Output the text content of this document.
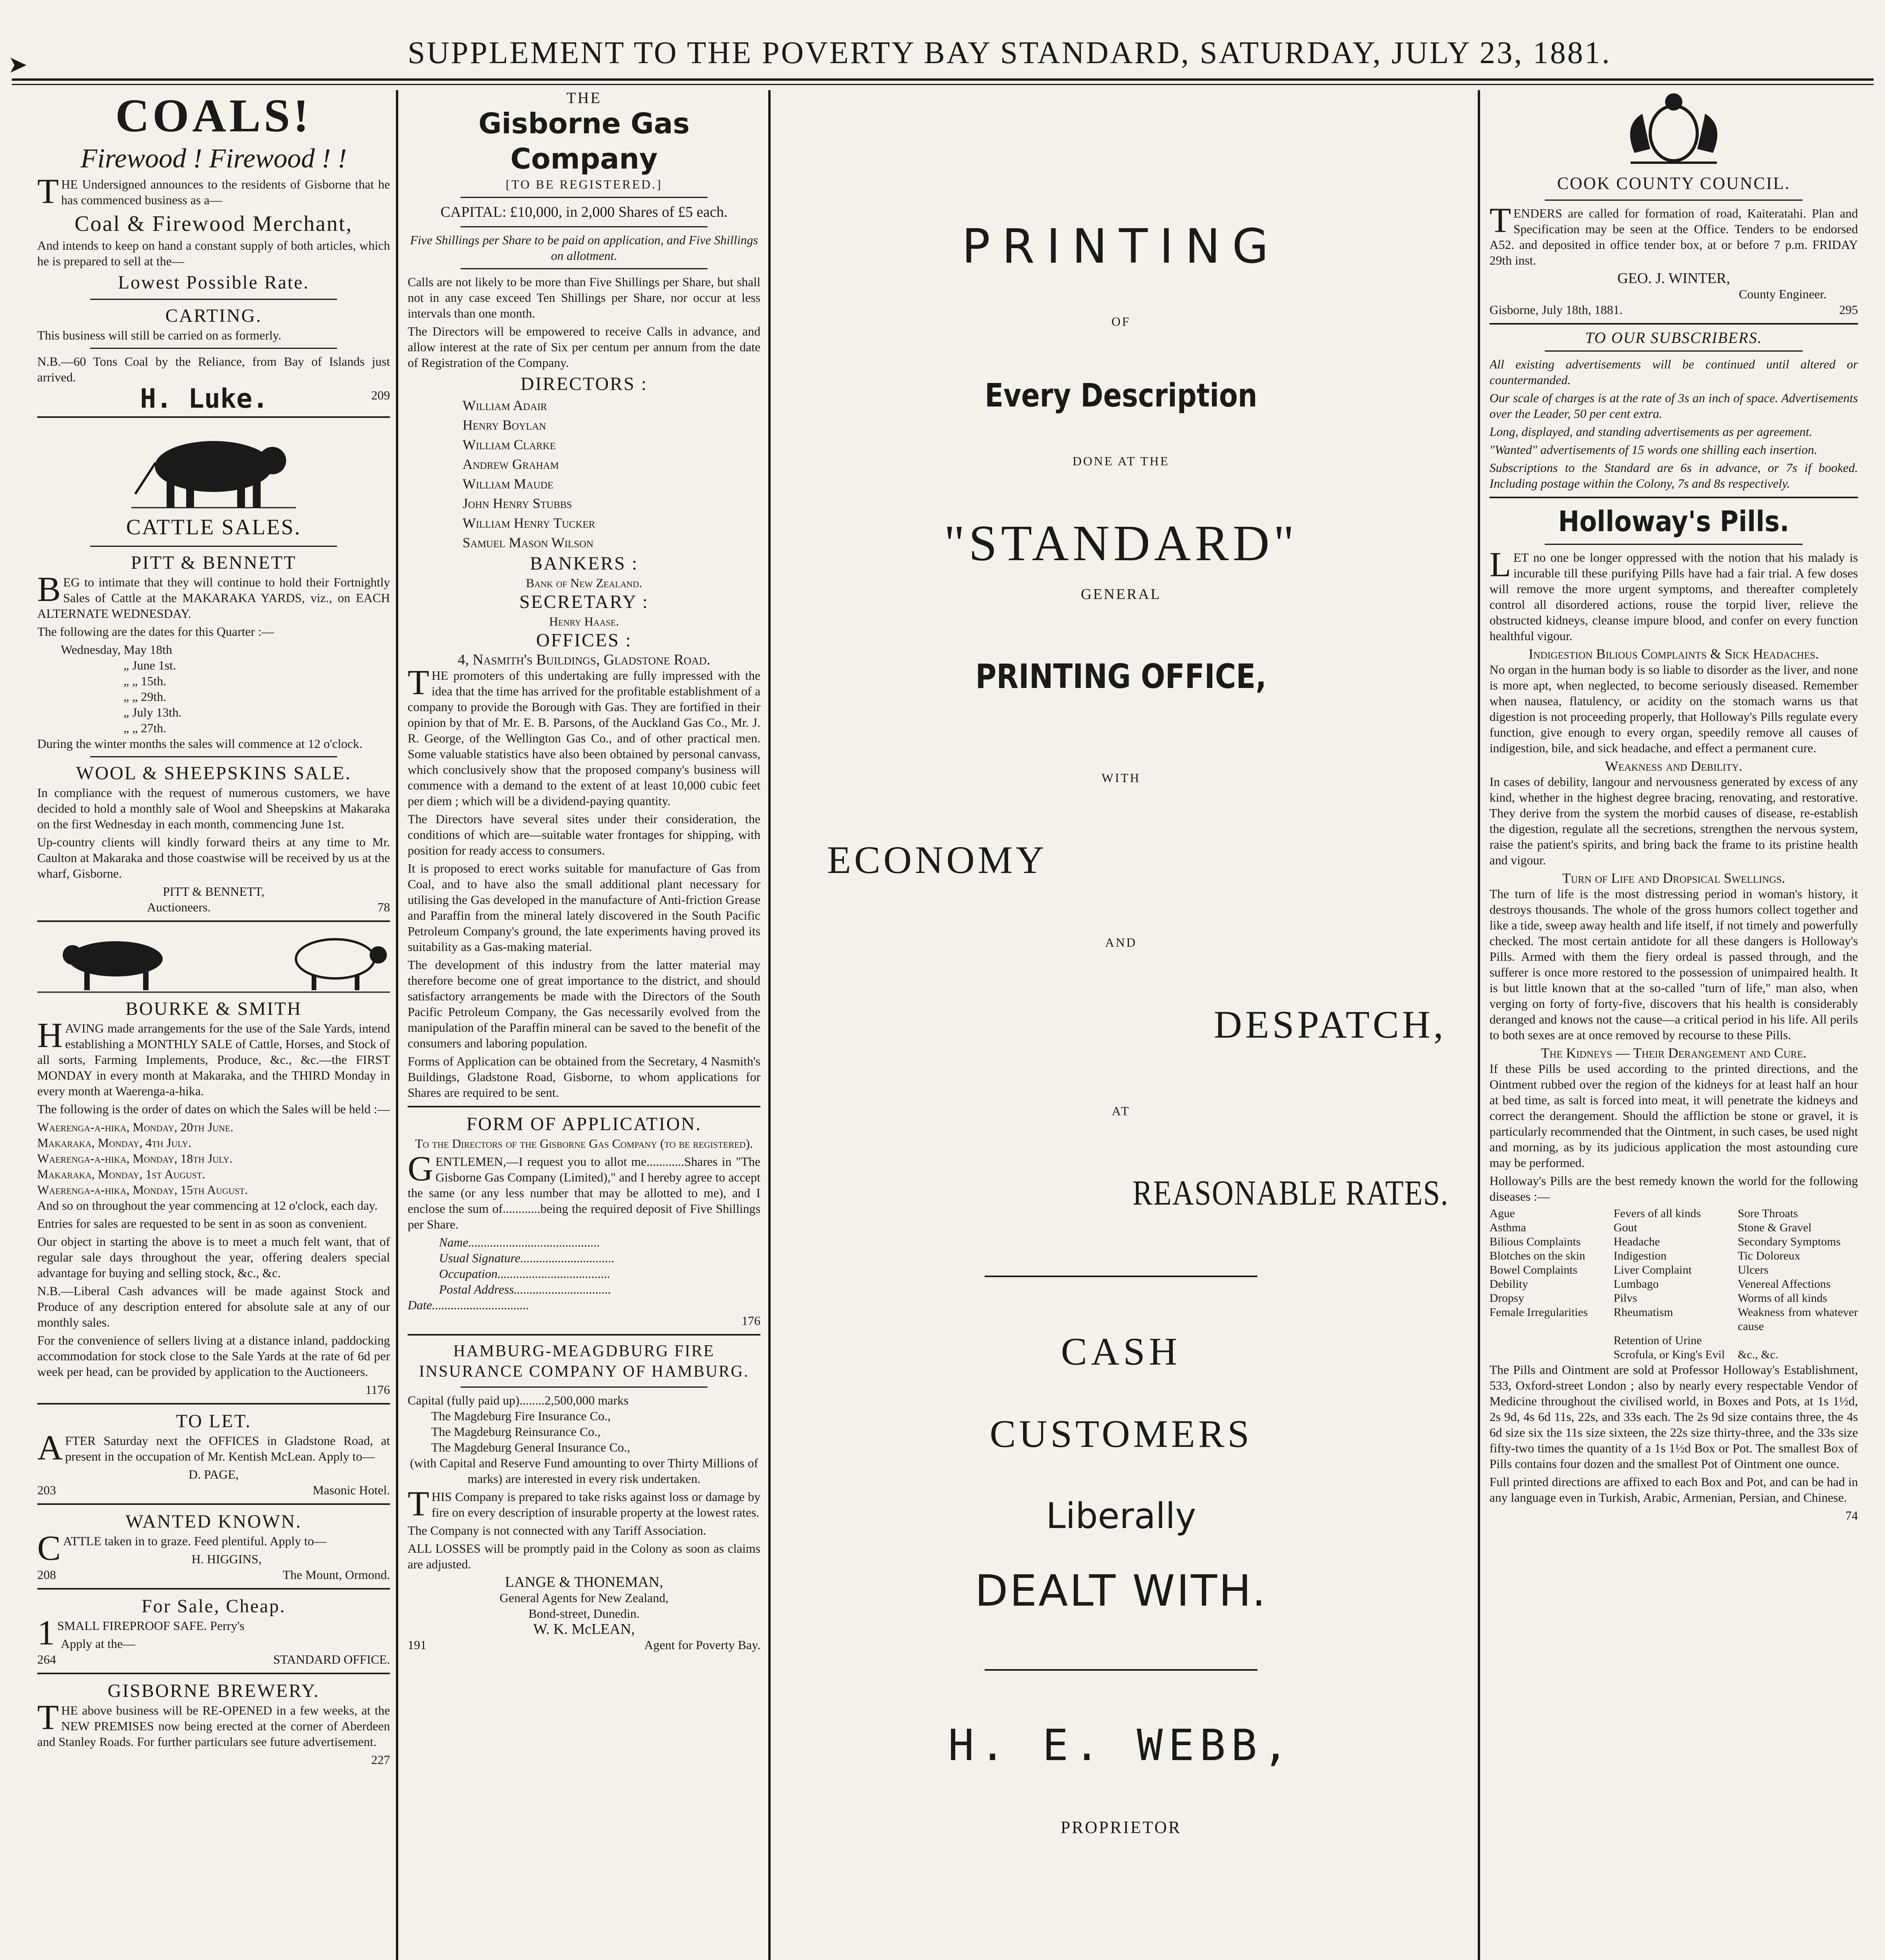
➤	SUPPLEMENT TO THE POVERTY BAY STANDARD, SATURDAY, JULY 23, 1881.
COALS!
Firewood ! Firewood ! !

THE Undersigned announces to the residents of Gisborne that he has commenced business as a—

Coal & Firewood Merchant,

And intends to keep on hand a constant supply of both articles, which he is prepared to sell at the—

Lowest Possible Rate.
CARTING.

This business will still be carried on as formerly.

N.B.—60 Tons Coal by the Reliance, from Bay of Islands just arrived.

H. Luke.	209
CATTLE SALES.
PITT & BENNETT

BEG to intimate that they will continue to hold their Fortnightly Sales of Cattle at the MAKARAKA YARDS, viz., on EACH ALTERNATE WEDNESDAY.

The following are the dates for this Quarter :—

Wednesday, May 18th
„ June 1st.
„ „ 15th.
„ „ 29th.
„ July 13th.
„ „ 27th.

During the winter months the sales will commence at 12 o'clock.

WOOL & SHEEPSKINS SALE.

In compliance with the request of numerous customers, we have decided to hold a monthly sale of Wool and Sheepskins at Makaraka on the first Wednesday in each month, commencing June 1st.

Up-country clients will kindly forward theirs at any time to Mr. Caulton at Makaraka and those coastwise will be received by us at the wharf, Gisborne.

PITT & BENNETT,
Auctioneers.	78
BOURKE & SMITH

HAVING made arrangements for the use of the Sale Yards, intend establishing a MONTHLY SALE of Cattle, Horses, and Stock of all sorts, Farming Implements, Produce, &c., &c.—the FIRST MONDAY in every month at Makaraka, and the THIRD Monday in every month at Waerenga-a-hika.

The following is the order of dates on which the Sales will be held :—

Waerenga-a-hika, Monday, 20th June.
Makaraka, Monday, 4th July.
Waerenga-a-hika, Monday, 18th July.
Makaraka, Monday, 1st August.
Waerenga-a-hika, Monday, 15th August.

And so on throughout the year commencing at 12 o'clock, each day.

Entries for sales are requested to be sent in as soon as convenient.

Our object in starting the above is to meet a much felt want, that of regular sale days throughout the year, offering dealers special advantage for buying and selling stock, &c., &c.

N.B.—Liberal Cash advances will be made against Stock and Produce of any description entered for absolute sale at any of our monthly sales.

For the convenience of sellers living at a distance inland, paddocking accommodation for stock close to the Sale Yards at the rate of 6d per week per head, can be provided by application to the Auctioneers.

1176
TO LET.

AFTER Saturday next the OFFICES in Gladstone Road, at present in the occupation of Mr. Kentish McLean. Apply to—

D. PAGE,
203	Masonic Hotel.
WANTED KNOWN.

CATTLE taken in to graze. Feed plentiful. Apply to—

H. HIGGINS,
208	The Mount, Ormond.
For Sale, Cheap.

1SMALL FIREPROOF SAFE. Perry's

Apply at the—
264	STANDARD OFFICE.
GISBORNE BREWERY.

THE above business will be RE-OPENED in a few weeks, at the NEW PREMISES now being erected at the corner of Aberdeen and Stanley Roads. For further particulars see future advertisement.

227
THE
Gisborne Gas Company
[TO BE REGISTERED.]

CAPITAL: £10,000, in 2,000 Shares of £5 each.

Five Shillings per Share to be paid on application, and Five Shillings on allotment.

Calls are not likely to be more than Five Shillings per Share, but shall not in any case exceed Ten Shillings per Share, nor occur at less intervals than one month.

The Directors will be empowered to receive Calls in advance, and allow interest at the rate of Six per centum per annum from the date of Registration of the Company.

DIRECTORS :
William Adair
Henry Boylan
William Clarke
Andrew Graham
William Maude
John Henry Stubbs
William Henry Tucker
Samuel Mason Wilson
BANKERS :
Bank of New Zealand.
SECRETARY :
Henry Haase.
OFFICES :
4, Nasmith's Buildings, Gladstone Road.

THE promoters of this undertaking are fully impressed with the idea that the time has arrived for the profitable establishment of a company to provide the Borough with Gas. They are fortified in their opinion by that of Mr. E. B. Parsons, of the Auckland Gas Co., Mr. J. R. George, of the Wellington Gas Co., and of other practical men. Some valuable statistics have also been obtained by personal canvass, which conclusively show that the proposed company's business will commence with a demand to the extent of at least 10,000 cubic feet per diem ; which will be a dividend-paying quantity.

The Directors have several sites under their consideration, the conditions of which are—suitable water frontages for shipping, with position for ready access to consumers.

It is proposed to erect works suitable for manufacture of Gas from Coal, and to have also the small additional plant necessary for utilising the Gas developed in the manufacture of Anti-friction Grease and Paraffin from the mineral lately discovered in the South Pacific Petroleum Company's ground, the late experiments having proved its suitability as a Gas-making material.

The development of this industry from the latter material may therefore become one of great importance to the district, and should satisfactory arrangements be made with the Directors of the South Pacific Petroleum Company, the Gas necessarily evolved from the manipulation of the Paraffin mineral can be saved to the benefit of the consumers and laboring population.

Forms of Application can be obtained from the Secretary, 4 Nasmith's Buildings, Gladstone Road, Gisborne, to whom applications for Shares are required to be sent.

FORM OF APPLICATION.

To the Directors of the Gisborne Gas Company (to be registered).

GENTLEMEN,—I request you to allot me............Shares in "The Gisborne Gas Company (Limited)," and I hereby agree to accept the same (or any less number that may be allotted to me), and I enclose the sum of............being the required deposit of Five Shillings per Share.

Name..........................................
Usual Signature..............................
Occupation....................................
Postal Address...............................
Date...............................
176
HAMBURG-MEAGDBURG FIRE INSURANCE COMPANY OF HAMBURG.
Capital (fully paid up)........2,500,000 marks
The Magdeburg Fire Insurance Co.,
The Magdeburg Reinsurance Co.,
The Magdeburg General Insurance Co.,

(with Capital and Reserve Fund amounting to over Thirty Millions of marks) are interested in every risk undertaken.

THIS Company is prepared to take risks against loss or damage by fire on every description of insurable property at the lowest rates.

The Company is not connected with any Tariff Association.

ALL LOSSES will be promptly paid in the Colony as soon as claims are adjusted.

LANGE & THONEMAN,
General Agents for New Zealand,
Bond-street, Dunedin.
W. K. McLEAN,
191	Agent for Poverty Bay.
PRINTING
OF
Every Description
DONE AT THE
"STANDARD"
GENERAL
PRINTING OFFICE,
WITH
ECONOMY
AND
DESPATCH,
AT
REASONABLE RATES.
CASH
CUSTOMERS
Liberally
DEALT WITH.
H. E. WEBB,
PROPRIETOR
COOK COUNTY COUNCIL.

TENDERS are called for formation of road, Kaiteratahi. Plan and Specification may be seen at the Office. Tenders to be endorsed A52. and deposited in office tender box, at or before 7 p.m. FRIDAY 29th inst.

GEO. J. WINTER,
County Engineer.
Gisborne, July 18th, 1881.	295
TO OUR SUBSCRIBERS.

All existing advertisements will be continued until altered or countermanded.

Our scale of charges is at the rate of 3s an inch of space. Advertisements over the Leader, 50 per cent extra.

Long, displayed, and standing advertisements as per agreement.

"Wanted" advertisements of 15 words one shilling each insertion.

Subscriptions to the Standard are 6s in advance, or 7s if booked. Including postage within the Colony, 7s and 8s respectively.

Holloway's Pills.

LET no one be longer oppressed with the notion that his malady is incurable till these purifying Pills have had a fair trial. A few doses will remove the more urgent symptoms, and thereafter completely control all disordered actions, rouse the torpid liver, relieve the obstructed kidneys, cleanse impure blood, and confer on every function healthful vigour.

Indigestion Bilious Complaints & Sick Headaches.

No organ in the human body is so liable to disorder as the liver, and none is more apt, when neglected, to become seriously diseased. Remember when nausea, flatulency, or acidity on the stomach warns us that digestion is not proceeding properly, that Holloway's Pills regulate every function, give enough to every organ, speedily remove all causes of indigestion, bile, and sick headache, and effect a permanent cure.

Weakness and Debility.

In cases of debility, langour and nervousness generated by excess of any kind, whether in the highest degree bracing, renovating, and restorative. They derive from the system the morbid causes of disease, re-establish the digestion, regulate all the secretions, strengthen the nervous system, raise the patient's spirits, and bring back the frame to its pristine health and vigour.

Turn of Life and Dropsical Swellings.

The turn of life is the most distressing period in woman's history, it destroys thousands. The whole of the gross humors collect together and like a tide, sweep away health and life itself, if not timely and powerfully checked. The most certain antidote for all these dangers is Holloway's Pills. Armed with them the fiery ordeal is passed through, and the sufferer is once more restored to the possession of unimpaired health. It is but little known that at the so-called "turn of life," man also, when verging on forty of forty-five, discovers that his health is considerably deranged and knows not the cause—a critical period in his life. All perils to both sexes are at once removed by recourse to these Pills.

The Kidneys — Their Derangement and Cure.

If these Pills be used according to the printed directions, and the Ointment rubbed over the region of the kidneys for at least half an hour at bed time, as salt is forced into meat, it will penetrate the kidneys and correct the derangement. Should the affliction be stone or gravel, it is particularly recommended that the Ointment, in such cases, be used night and morning, as by its judicious application the most astounding cure may be performed.

Holloway's Pills are the best remedy known the world for the following diseases :—

Ague	Fevers of all kinds	Sore Throats
Asthma	Gout	Stone & Gravel
Bilious Complaints	Headache	Secondary Symptoms
Blotches on the skin	Indigestion	Tic Doloreux
Bowel Complaints	Liver Complaint	Ulcers
Debility	Lumbago	Venereal Affections
Dropsy	Pilvs	Worms of all kinds
Female Irregularities	Rheumatism	Weakness from whatever cause
Retention of Urine
Scrofula, or King's Evil	&c., &c.

The Pills and Ointment are sold at Professor Holloway's Establishment, 533, Oxford-street London ; also by nearly every respectable Vendor of Medicine throughout the civilised world, in Boxes and Pots, at 1s 1½d, 2s 9d, 4s 6d 11s, 22s, and 33s each. The 2s 9d size contains three, the 4s 6d size six the 11s size sixteen, the 22s size thirty-three, and the 33s size fifty-two times the quantity of a 1s 1½d Box or Pot. The smallest Box of Pills contains four dozen and the smallest Pot of Ointment one ounce.

Full printed directions are affixed to each Box and Pot, and can be had in any language even in Turkish, Arabic, Armenian, Persian, and Chinese.

74
